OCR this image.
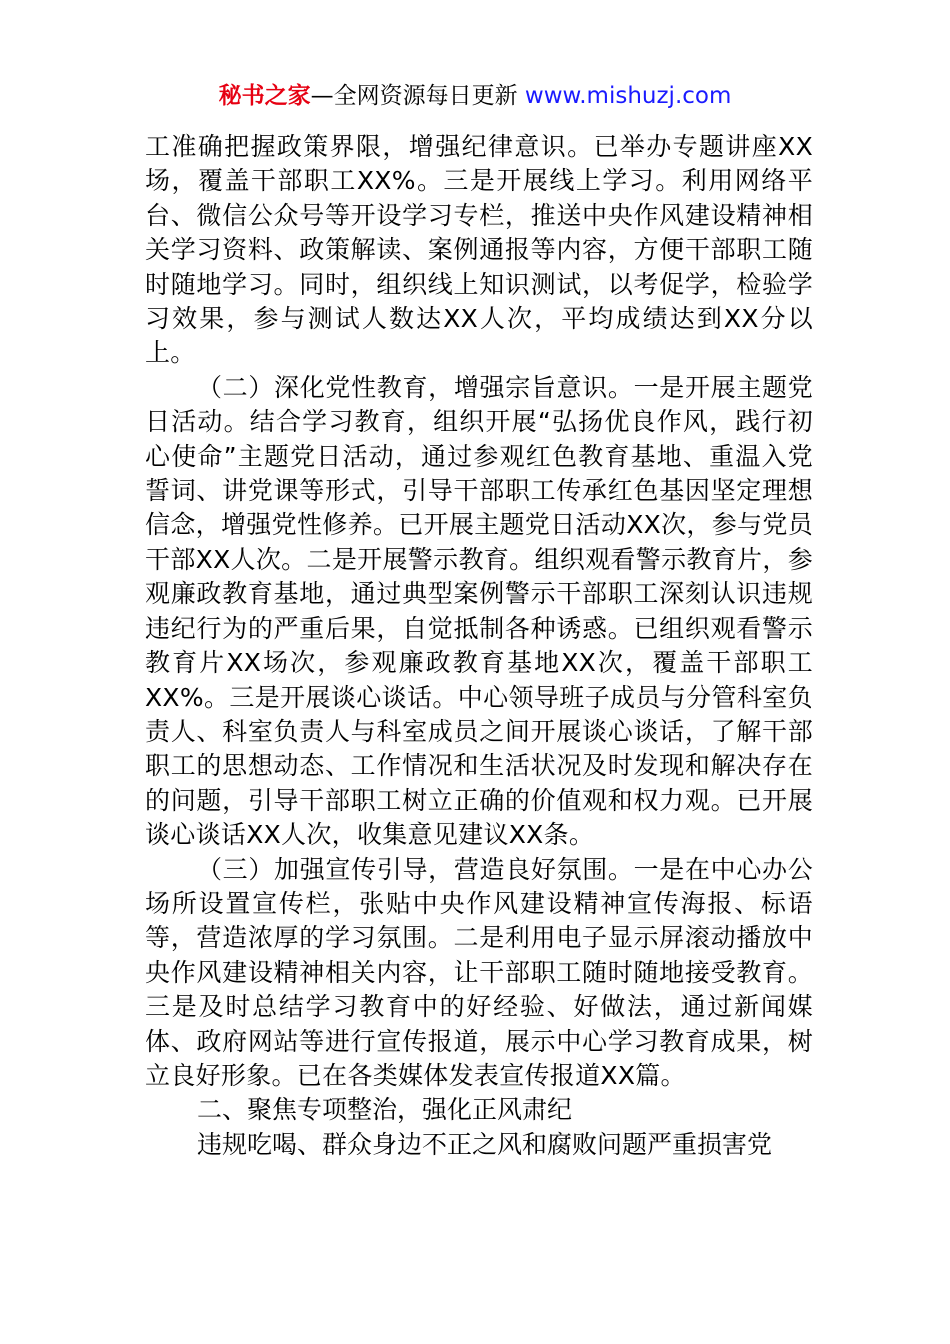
秘书之家—全网资源每日更新 www.mishuzj.com

工准确把握政策界限，增强纪律意识。已举办专题讲座XX场，覆盖干部职工XX%。三是开展线上学习。利用网络平台、微信公众号等开设学习专栏，推送中央作风建设精神相关学习资料、政策解读、案例通报等内容，方便干部职工随时随地学习。同时，组织线上知识测试，以考促学，检验学习效果，参与测试人数达XX人次，平均成绩达到XX分以上。

（二）深化党性教育，增强宗旨意识。一是开展主题党日活动。结合学习教育，组织开展“弘扬优良作风，践行初心使命”主题党日活动，通过参观红色教育基地、重温入党誓词、讲党课等形式，引导干部职工传承红色基因坚定理想信念，增强党性修养。已开展主题党日活动XX次，参与党员干部XX人次。二是开展警示教育。组织观看警示教育片，参观廉政教育基地，通过典型案例警示干部职工深刻认识违规违纪行为的严重后果，自觉抵制各种诱惑。已组织观看警示教育片XX场次，参观廉政教育基地XX次，覆盖干部职工XX%。三是开展谈心谈话。中心领导班子成员与分管科室负责人、科室负责人与科室成员之间开展谈心谈话，了解干部职工的思想动态、工作情况和生活状况及时发现和解决存在的问题，引导干部职工树立正确的价值观和权力观。已开展谈心谈话XX人次，收集意见建议XX条。

（三）加强宣传引导，营造良好氛围。一是在中心办公场所设置宣传栏，张贴中央作风建设精神宣传海报、标语等，营造浓厚的学习氛围。二是利用电子显示屏滚动播放中央作风建设精神相关内容，让干部职工随时随地接受教育。三是及时总结学习教育中的好经验、好做法，通过新闻媒体、政府网站等进行宣传报道，展示中心学习教育成果，树立良好形象。已在各类媒体发表宣传报道XX篇。

二、聚焦专项整治，强化正风肃纪

违规吃喝、群众身边不正之风和腐败问题严重损害党
